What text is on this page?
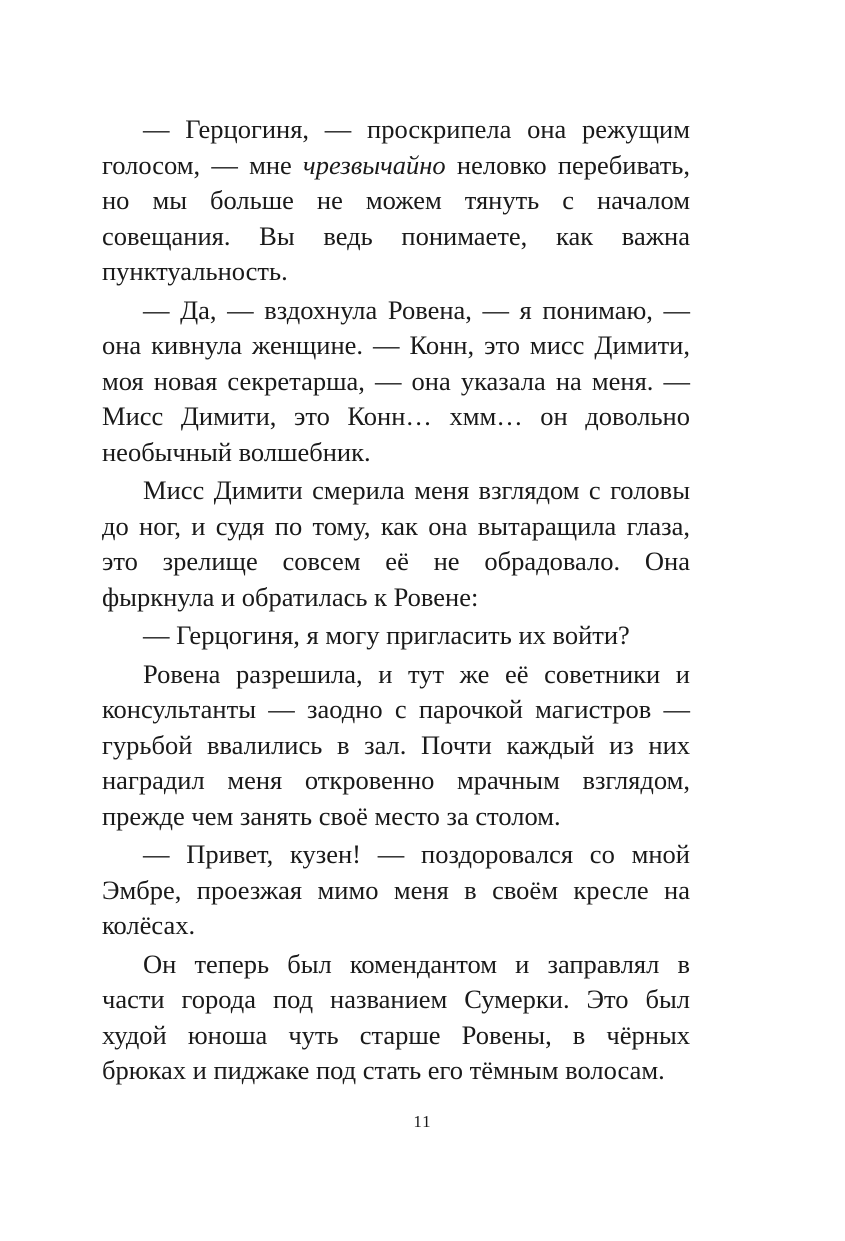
— Герцогиня, — проскрипела она режущим голосом, — мне чрезвычайно неловко перебивать, но мы больше не можем тянуть с началом совещания. Вы ведь понимаете, как важна пунктуальность.

— Да, — вздохнула Ровена, — я понимаю, — она кивнула женщине. — Конн, это мисс Димити, моя новая секретарша, — она указала на меня. — Мисс Димити, это Конн… хмм… он довольно необычный волшебник.

Мисс Димити смерила меня взглядом с головы до ног, и судя по тому, как она вытаращила глаза, это зрелище совсем её не обрадовало. Она фыркнула и обратилась к Ровене:

— Герцогиня, я могу пригласить их войти?

Ровена разрешила, и тут же её советники и консультанты — заодно с парочкой магистров — гурьбой ввалились в зал. Почти каждый из них наградил меня откровенно мрачным взглядом, прежде чем занять своё место за столом.

— Привет, кузен! — поздоровался со мной Эмбре, проезжая мимо меня в своём кресле на колёсах.

Он теперь был комендантом и заправлял в части города под названием Сумерки. Это был худой юноша чуть старше Ровены, в чёрных брюках и пиджаке под стать его тёмным волосам.

11
